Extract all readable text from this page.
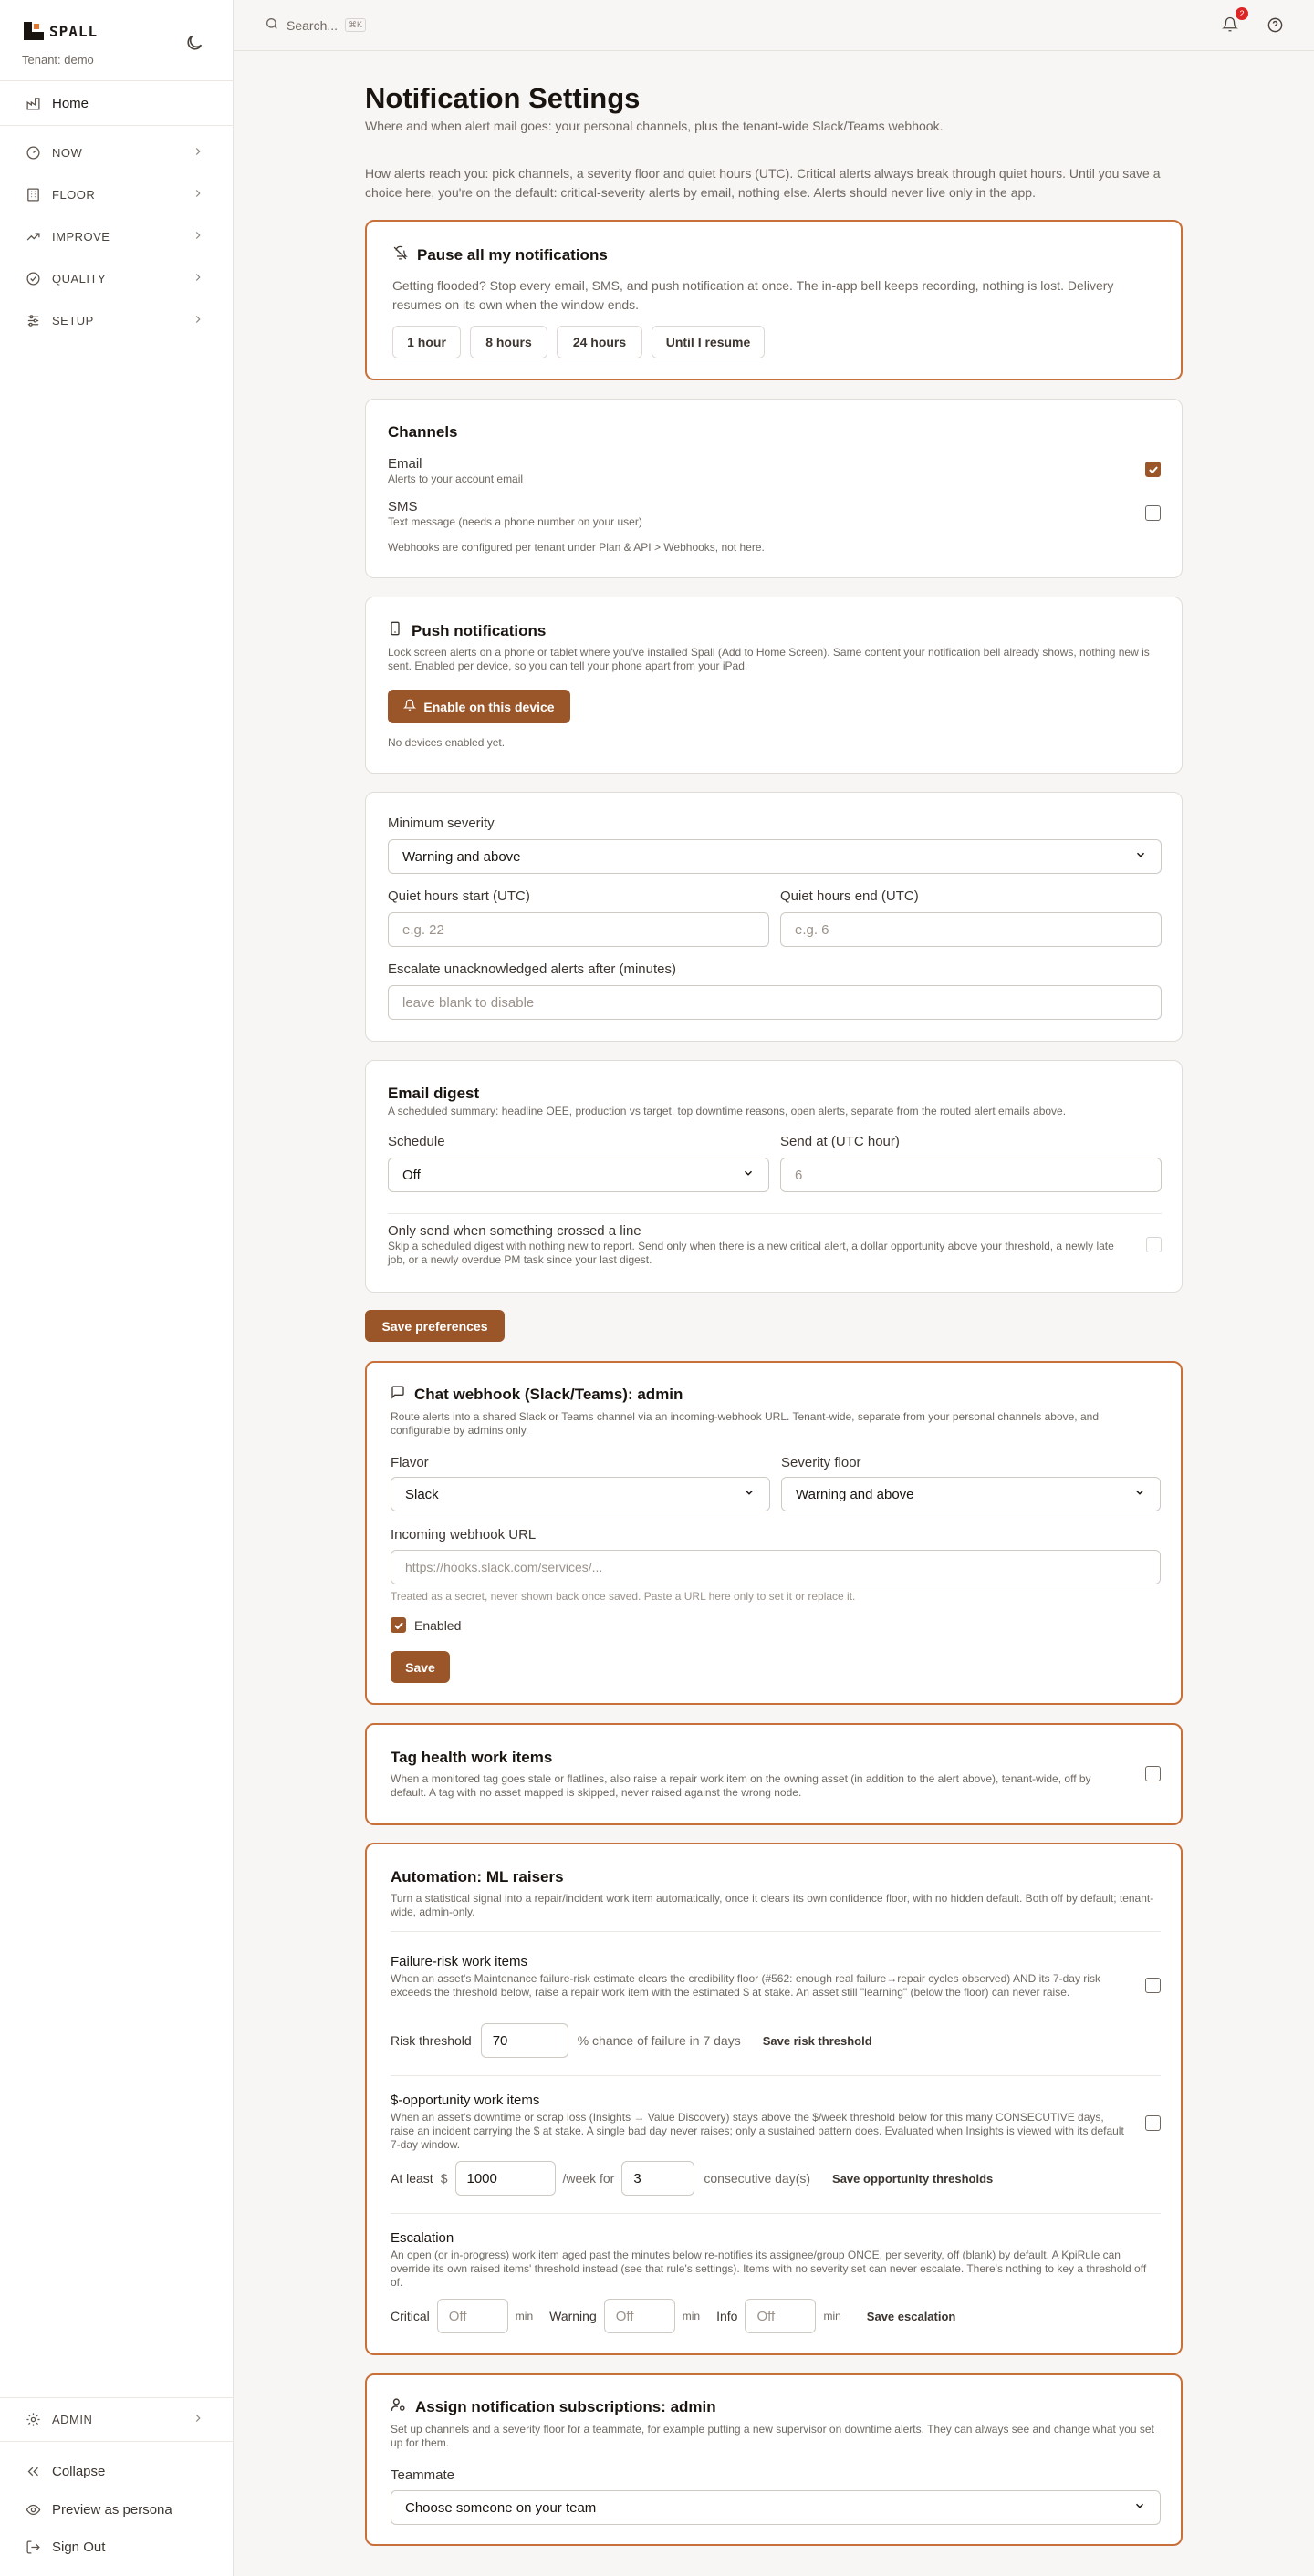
SPALL
Tenant: demo
Home
NOW
FLOOR
IMPROVE
QUALITY
SETUP
ADMIN
Collapse
Preview as persona
Sign Out
Search...	⌘K
2
Notification Settings
Where and when alert mail goes: your personal channels, plus the tenant-wide Slack/Teams webhook.
How alerts reach you: pick channels, a severity floor and quiet hours (UTC). Critical alerts always break through quiet hours. Until you save a choice here, you're on the default: critical-severity alerts by email, nothing else. Alerts should never live only in the app.
Pause all my notifications
Getting flooded? Stop every email, SMS, and push notification at once. The in-app bell keeps recording, nothing is lost. Delivery resumes on its own when the window ends.
1 hour	8 hours	24 hours	Until I resume
Channels
Email
Alerts to your account email
SMS
Text message (needs a phone number on your user)
Webhooks are configured per tenant under Plan & API > Webhooks, not here.
Push notifications
Lock screen alerts on a phone or tablet where you've installed Spall (Add to Home Screen). Same content your notification bell already shows, nothing new is sent. Enabled per device, so you can tell your phone apart from your iPad.
Enable on this device
No devices enabled yet.
Minimum severity
Warning and above
Quiet hours start (UTC)
e.g. 22
Quiet hours end (UTC)
e.g. 6
Escalate unacknowledged alerts after (minutes)
leave blank to disable
Email digest
A scheduled summary: headline OEE, production vs target, top downtime reasons, open alerts, separate from the routed alert emails above.
Schedule
Off
Send at (UTC hour)
6
Only send when something crossed a line
Skip a scheduled digest with nothing new to report. Send only when there is a new critical alert, a dollar opportunity above your threshold, a newly late job, or a newly overdue PM task since your last digest.
Save preferences
Chat webhook (Slack/Teams): admin
Route alerts into a shared Slack or Teams channel via an incoming-webhook URL. Tenant-wide, separate from your personal channels above, and configurable by admins only.
Flavor
Slack
Severity floor
Warning and above
Incoming webhook URL
https://hooks.slack.com/services/...
Treated as a secret, never shown back once saved. Paste a URL here only to set it or replace it.
Enabled
Save
Tag health work items
When a monitored tag goes stale or flatlines, also raise a repair work item on the owning asset (in addition to the alert above), tenant-wide, off by default. A tag with no asset mapped is skipped, never raised against the wrong node.
Automation: ML raisers
Turn a statistical signal into a repair/incident work item automatically, once it clears its own confidence floor, with no hidden default. Both off by default; tenant-wide, admin-only.
Failure-risk work items
When an asset's Maintenance failure-risk estimate clears the credibility floor (#562: enough real failure→repair cycles observed) AND its 7-day risk exceeds the threshold below, raise a repair work item with the estimated $ at stake. An asset still "learning" (below the floor) can never raise.
Risk threshold	70	% chance of failure in 7 days Save risk threshold
$-opportunity work items
When an asset's downtime or scrap loss (Insights → Value Discovery) stays above the $/week threshold below for this many CONSECUTIVE days, raise an incident carrying the $ at stake. A single bad day never raises; only a sustained pattern does. Evaluated when Insights is viewed with its default 7-day window.
At least $	1000	/week for	3	consecutive day(s) Save opportunity thresholds
Escalation
An open (or in-progress) work item aged past the minutes below re-notifies its assignee/group ONCE, per severity, off (blank) by default. A KpiRule can override its own raised items' threshold instead (see that rule's settings). Items with no severity set can never escalate. There's nothing to key a threshold off of.
Critical	Off	min Warning	Off	min Info	Off	min Save escalation
Assign notification subscriptions: admin
Set up channels and a severity floor for a teammate, for example putting a new supervisor on downtime alerts. They can always see and change what you set up for them.
Teammate
Choose someone on your team
